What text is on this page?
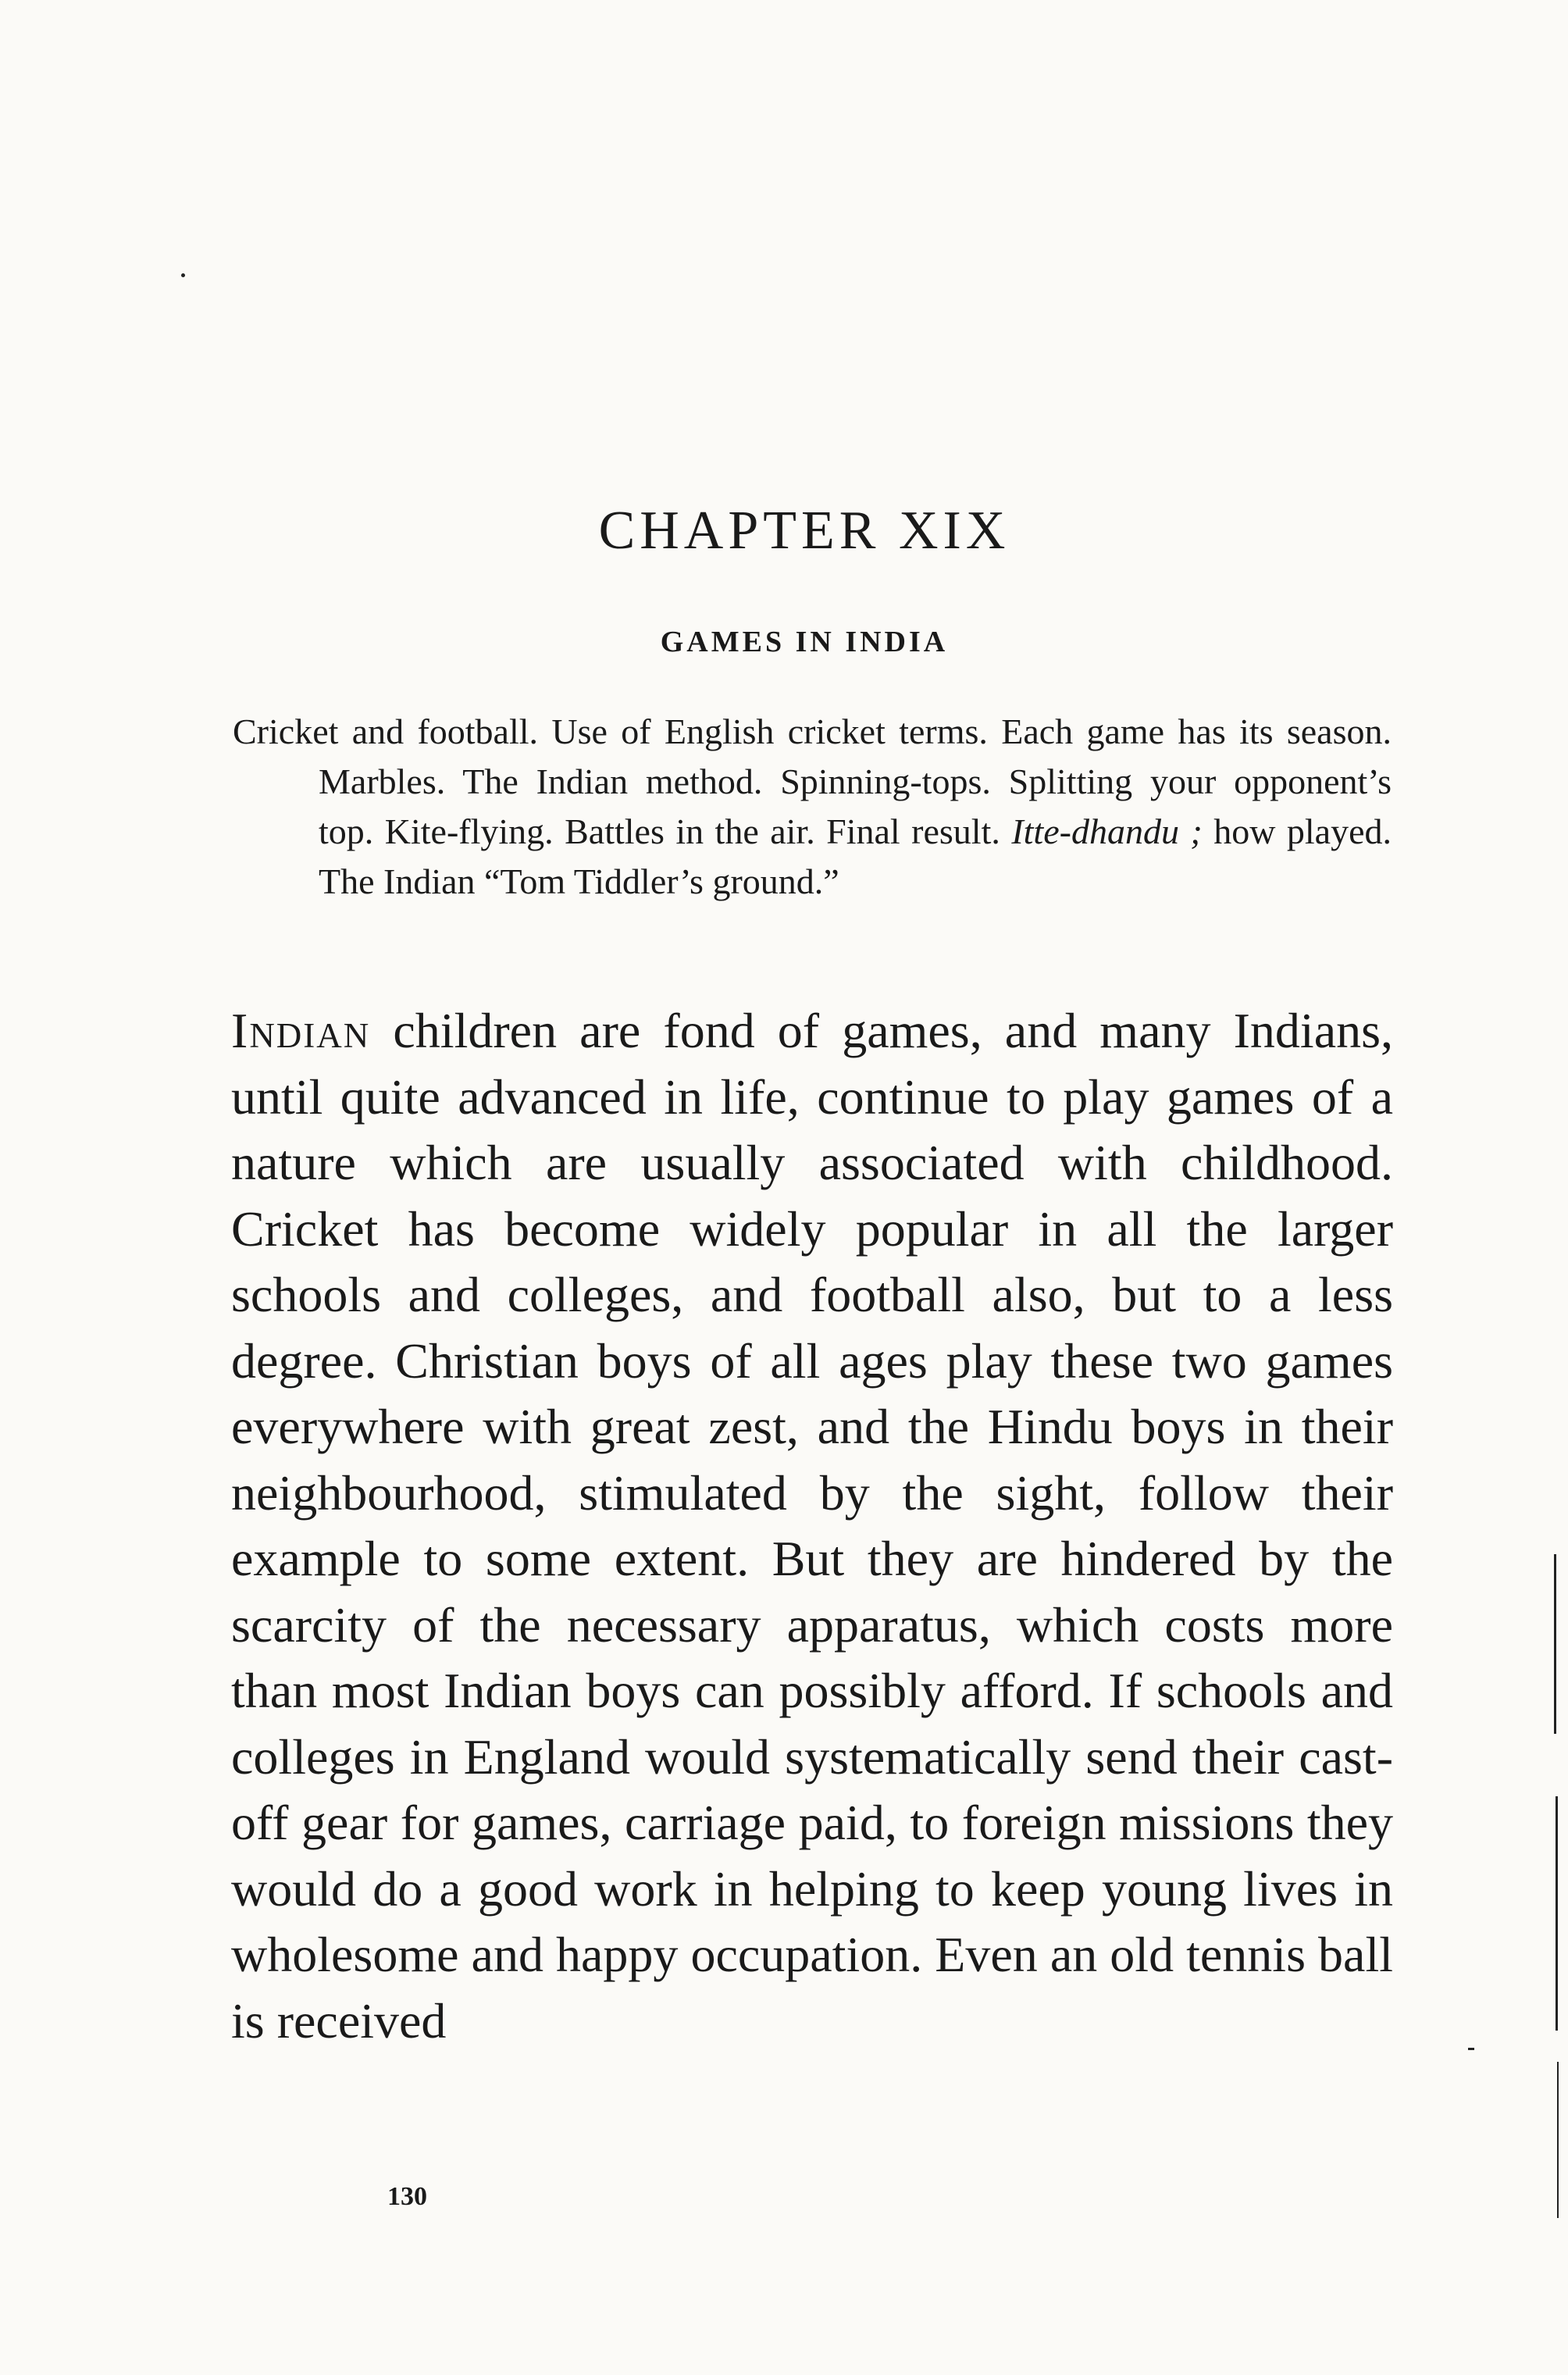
CHAPTER XIX
GAMES IN INDIA

Cricket and football. Use of English cricket terms. Each game has its season. Marbles. The Indian method. Spinning-tops. Splitting your opponent’s top. Kite-flying. Battles in the air. Final result. Itte-dhandu ; how played. The Indian “Tom Tiddler’s ground.”

Indian children are fond of games, and many Indians, until quite advanced in life, continue to play games of a nature which are usually associated with childhood. Cricket has become widely popular in all the larger schools and colleges, and football also, but to a less degree. Christian boys of all ages play these two games everywhere with great zest, and the Hindu boys in their neighbourhood, stimulated by the sight, follow their example to some extent. But they are hindered by the scarcity of the necessary apparatus, which costs more than most Indian boys can possibly afford. If schools and colleges in England would systematically send their cast-off gear for games, carriage paid, to foreign missions they would do a good work in helping to keep young lives in wholesome and happy occupation. Even an old tennis ball is received

130
